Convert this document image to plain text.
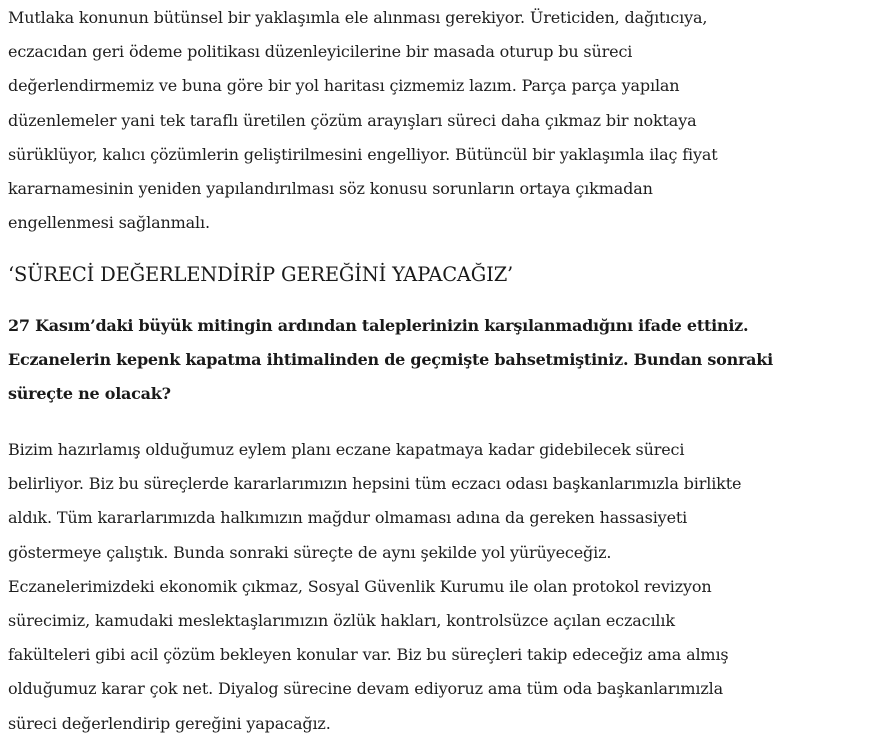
Mutlaka konunun bütünsel bir yaklaşımla ele alınması gerekiyor. Üreticiden, dağıtıcıya,
eczacıdan geri ödeme politikası düzenleyicilerine bir masada oturup bu süreci
değerlendirmemiz ve buna göre bir yol haritası çizmemiz lazım. Parça parça yapılan
düzenlemeler yani tek taraflı üretilen çözüm arayışları süreci daha çıkmaz bir noktaya
sürüklüyor, kalıcı çözümlerin geliştirilmesini engelliyor. Bütüncül bir yaklaşımla ilaç fiyat
kararnamesinin yeniden yapılandırılması söz konusu sorunların ortaya çıkmadan
engellenmesi sağlanmalı.

‘SÜRECİ DEĞERLENDİRİP GEREĞİNİ YAPACAĞIZ’

27 Kasım’daki büyük mitingin ardından taleplerinizin karşılanmadığını ifade ettiniz.
Eczanelerin kepenk kapatma ihtimalinden de geçmişte bahsetmiştiniz. Bundan sonraki
süreçte ne olacak?

Bizim hazırlamış olduğumuz eylem planı eczane kapatmaya kadar gidebilecek süreci
belirliyor. Biz bu süreçlerde kararlarımızın hepsini tüm eczacı odası başkanlarımızla birlikte
aldık. Tüm kararlarımızda halkımızın mağdur olmaması adına da gereken hassasiyeti
göstermeye çalıştık. Bunda sonraki süreçte de aynı şekilde yol yürüyeceğiz.
Eczanelerimizdeki ekonomik çıkmaz, Sosyal Güvenlik Kurumu ile olan protokol revizyon
sürecimiz, kamudaki meslektaşlarımızın özlük hakları, kontrolsüzce açılan eczacılık
fakülteleri gibi acil çözüm bekleyen konular var. Biz bu süreçleri takip edeceğiz ama almış
olduğumuz karar çok net. Diyalog sürecine devam ediyoruz ama tüm oda başkanlarımızla
süreci değerlendirip gereğini yapacağız.
